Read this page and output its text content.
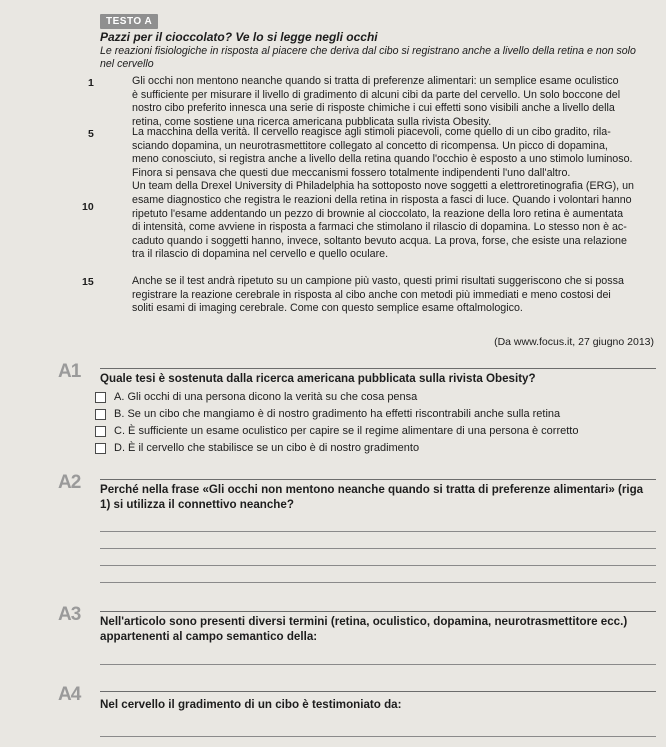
TESTO A
Pazzi per il cioccolato? Ve lo si legge negli occhi
Le reazioni fisiologiche in risposta al piacere che deriva dal cibo si registrano anche a livello della retina e non solo
nel cervello
1
5
10
15
Gli occhi non mentono neanche quando si tratta di preferenze alimentari: un semplice esame oculistico
è sufficiente per misurare il livello di gradimento di alcuni cibi da parte del cervello. Un solo boccone del
nostro cibo preferito innesca una serie di risposte chimiche i cui effetti sono visibili anche a livello della
retina, come sostiene una ricerca americana pubblicata sulla rivista Obesity.
La macchina della verità. Il cervello reagisce agli stimoli piacevoli, come quello di un cibo gradito, rila-
sciando dopamina, un neurotrasmettitore collegato al concetto di ricompensa. Un picco di dopamina,
meno conosciuto, si registra anche a livello della retina quando l'occhio è esposto a uno stimolo luminoso.
Finora si pensava che questi due meccanismi fossero totalmente indipendenti l'uno dall'altro.
Un team della Drexel University di Philadelphia ha sottoposto nove soggetti a elettroretinografia (ERG), un
esame diagnostico che registra le reazioni della retina in risposta a fasci di luce. Quando i volontari hanno
ripetuto l'esame addentando un pezzo di brownie al cioccolato, la reazione della loro retina è aumentata
di intensità, come avviene in risposta a farmaci che stimolano il rilascio di dopamina. Lo stesso non è ac-
caduto quando i soggetti hanno, invece, soltanto bevuto acqua. La prova, forse, che esiste una relazione
tra il rilascio di dopamina nel cervello e quello oculare.
Anche se il test andrà ripetuto su un campione più vasto, questi primi risultati suggeriscono che si possa
registrare la reazione cerebrale in risposta al cibo anche con metodi più immediati e meno costosi dei
soliti esami di imaging cerebrale. Come con questo semplice esame oftalmologico.
(Da www.focus.it, 27 giugno 2013)
A1 Quale tesi è sostenuta dalla ricerca americana pubblicata sulla rivista Obesity?
A. Gli occhi di una persona dicono la verità su che cosa pensa
B. Se un cibo che mangiamo è di nostro gradimento ha effetti riscontrabili anche sulla retina
C. È sufficiente un esame oculistico per capire se il regime alimentare di una persona è corretto
D. È il cervello che stabilisce se un cibo è di nostro gradimento
A2 Perché nella frase «Gli occhi non mentono neanche quando si tratta di preferenze alimentari» (riga
1) si utilizza il connettivo neanche?
A3 Nell'articolo sono presenti diversi termini (retina, oculistico, dopamina, neurotrasmettitore ecc.)
appartenenti al campo semantico della:
A4 Nel cervello il gradimento di un cibo è testimoniato da:
